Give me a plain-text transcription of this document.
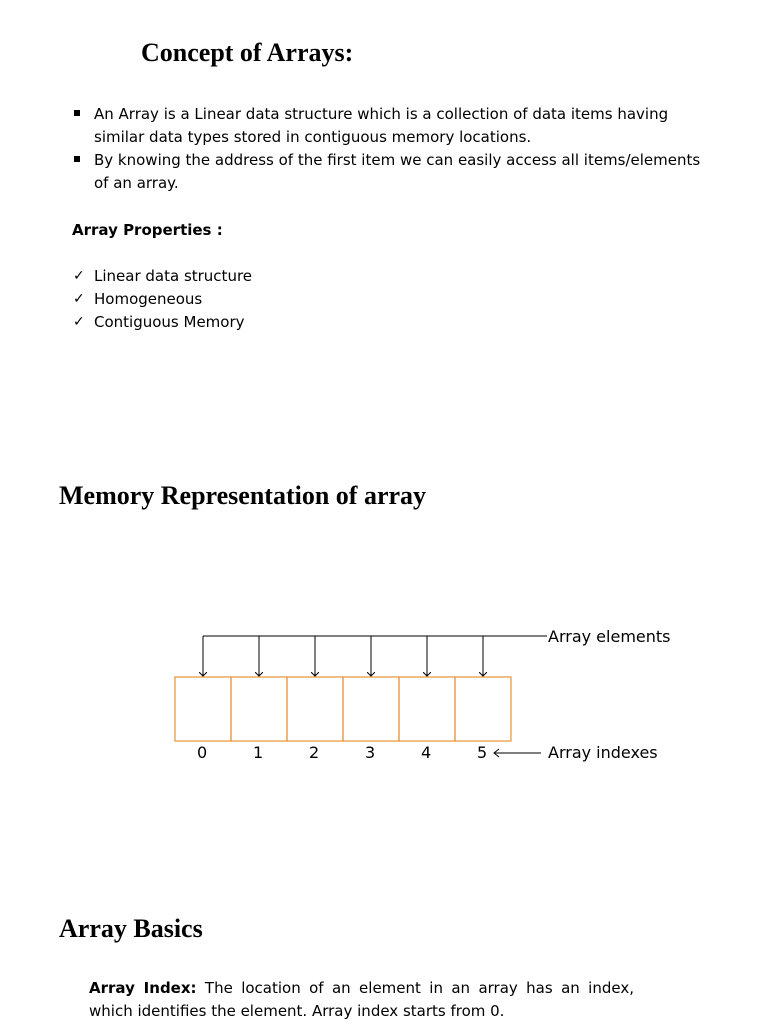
Concept of Arrays:
An Array is a Linear data structure which is a collection of data items having similar data types stored in contiguous memory locations.
By knowing the address of the first item we can easily access all items/elements of an array.
Array Properties :
✓ Linear data structure
✓ Homogeneous
✓ Contiguous Memory
Memory Representation of array
0	1	2	3	4	5
Array elements
Array indexes
Array Basics
Array Index: The location of an element in an array has an index, which identifies the element. Array index starts from 0.
